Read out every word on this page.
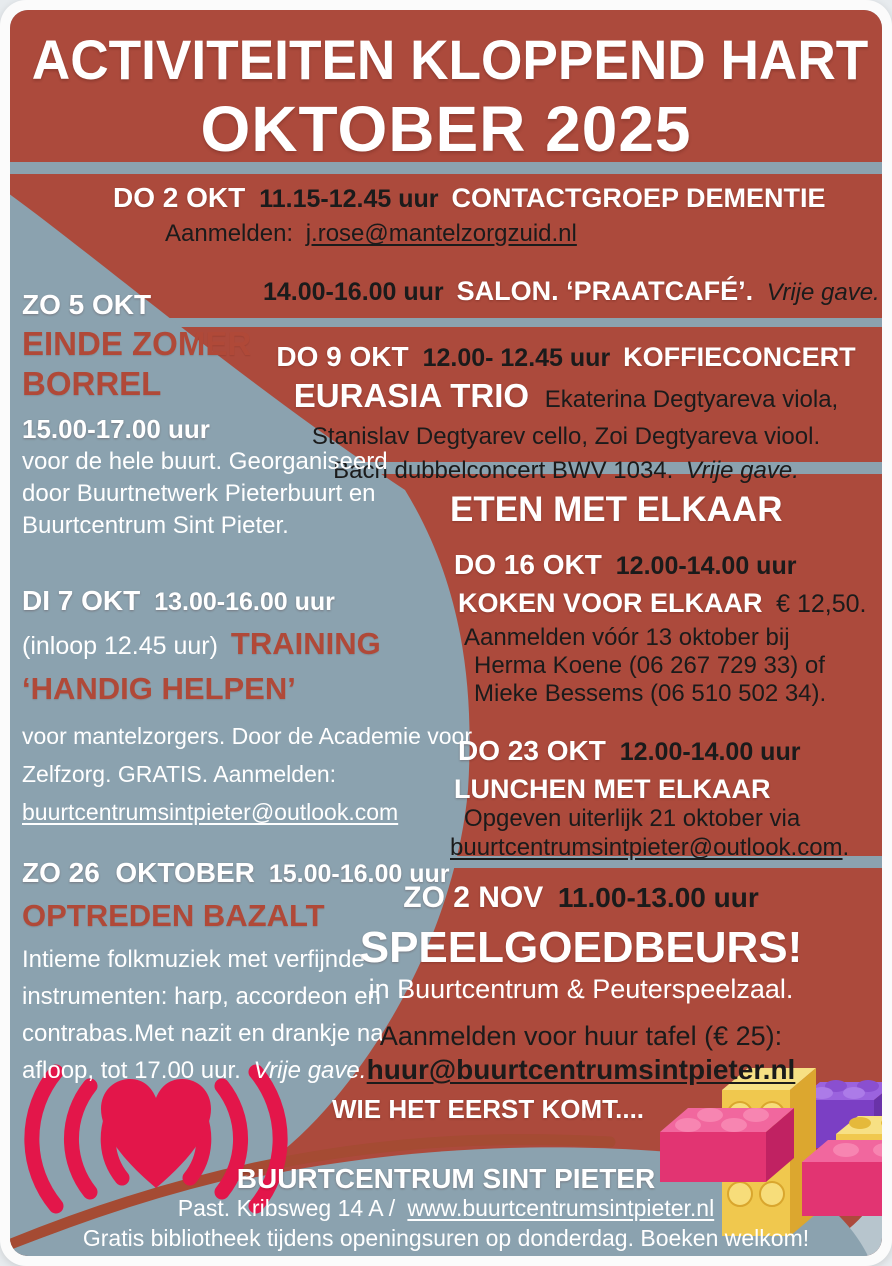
ACTIVITEITEN KLOPPEND HART
OKTOBER 2025
DO 2 OKT 11.15-12.45 uur CONTACTGROEP DEMENTIE
Aanmelden: j.rose@mantelzorgzuid.nl
14.00-16.00 uur SALON. ‘PRAATCAFÉ’. Vrije gave.
DO 9 OKT 12.00- 12.45 uur KOFFIECONCERT
EURASIA TRIO Ekaterina Degtyareva viola,
Stanislav Degtyarev cello, Zoi Degtyareva viool.
Bach dubbelconcert BWV 1034. Vrije gave.
ZO 5 OKT
EINDE ZOMER
BORREL
15.00-17.00 uur
voor de hele buurt. Georganiseerd
door Buurtnetwerk Pieterbuurt en
Buurtcentrum Sint Pieter.
DI 7 OKT 13.00-16.00 uur
(inloop 12.45 uur) TRAINING
‘HANDIG HELPEN’
voor mantelzorgers. Door de Academie voor
Zelfzorg. GRATIS. Aanmelden:
buurtcentrumsintpieter@outlook.com
ZO 26  OKTOBER 15.00-16.00 uur
OPTREDEN BAZALT
Intieme folkmuziek met verfijnde
instrumenten: harp, accordeon en
contrabas.Met nazit en drankje na
afloop, tot 17.00 uur. Vrije gave.
ETEN MET ELKAAR
DO 16 OKT 12.00-14.00 uur
KOKEN VOOR ELKAAR € 12,50.
Aanmelden vóór 13 oktober bij
Herma Koene (06 267 729 33) of
Mieke Bessems (06 510 502 34).
DO 23 OKT 12.00-14.00 uur
LUNCHEN MET ELKAAR
Opgeven uiterlijk 21 oktober via
buurtcentrumsintpieter@outlook.com.
ZO 2 NOV 11.00-13.00 uur
SPEELGOEDBEURS!
in Buurtcentrum & Peuterspeelzaal.
Aanmelden voor huur tafel (€ 25):
huur@buurtcentrumsintpieter.nl
WIE HET EERST KOMT....
BUURTCENTRUM SINT PIETER
Past. Kribsweg 14 A / www.buurtcentrumsintpieter.nl
Gratis bibliotheek tijdens openingsuren op donderdag. Boeken welkom!
